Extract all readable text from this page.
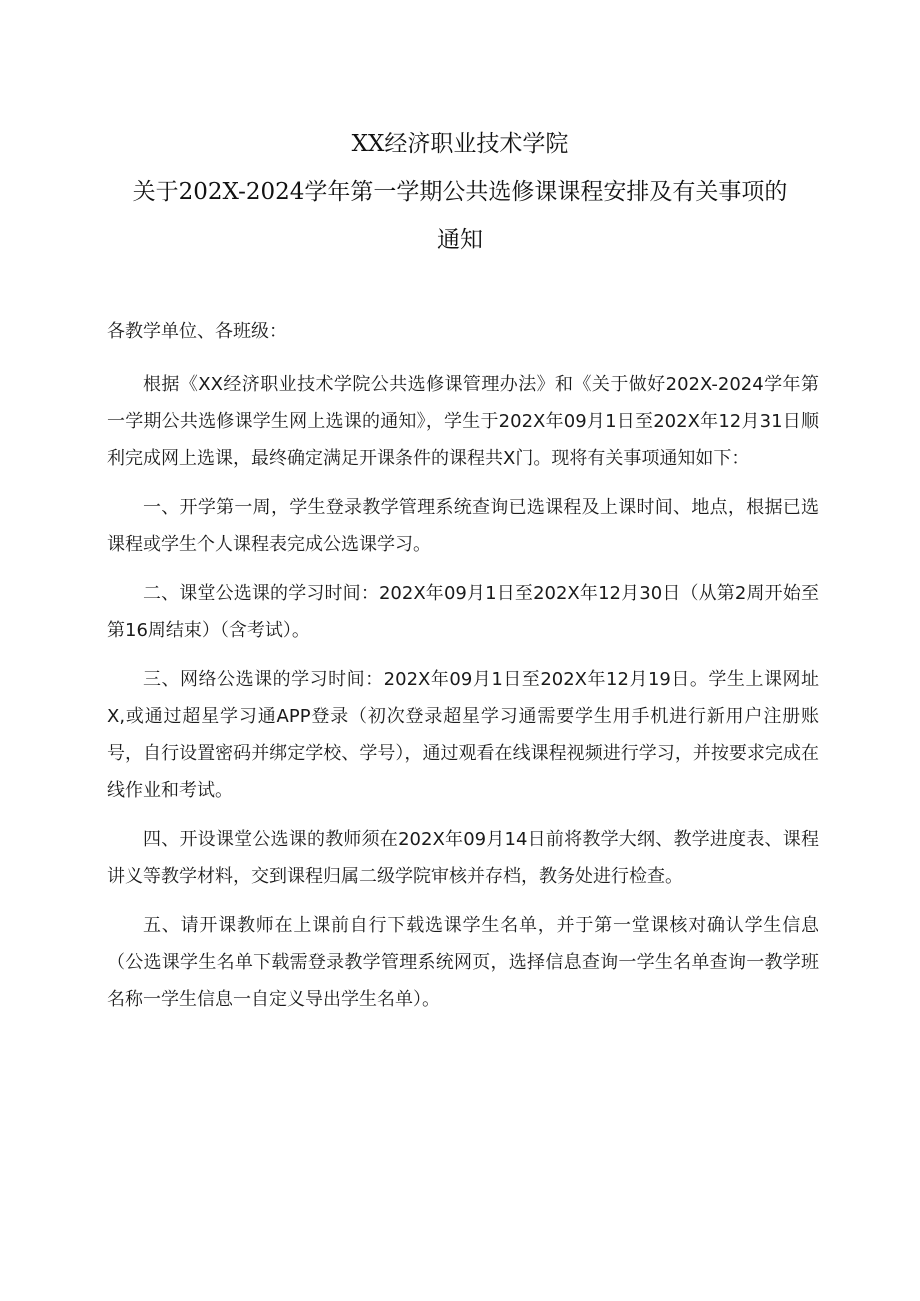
XX经济职业技术学院
关于202X-2024学年第一学期公共选修课课程安排及有关事项的
通知
各教学单位、各班级：

根据《XX经济职业技术学院公共选修课管理办法》和《关于做好202X-2024学年第一学期公共选修课学生网上选课的通知》，学生于202X年09月1日至202X年12月31日顺利完成网上选课，最终确定满足开课条件的课程共X门。现将有关事项通知如下：

一、开学第一周，学生登录教学管理系统查询已选课程及上课时间、地点，根据已选课程或学生个人课程表完成公选课学习。

二、课堂公选课的学习时间：202X年09月1日至202X年12月30日（从第2周开始至第16周结束）（含考试）。

三、网络公选课的学习时间：202X年09月1日至202X年12月19日。学生上课网址X,或通过超星学习通APP登录（初次登录超星学习通需要学生用手机进行新用户注册账号，自行设置密码并绑定学校、学号），通过观看在线课程视频进行学习，并按要求完成在线作业和考试。

四、开设课堂公选课的教师须在202X年09月14日前将教学大纲、教学进度表、课程讲义等教学材料，交到课程归属二级学院审核并存档，教务处进行检查。

五、请开课教师在上课前自行下载选课学生名单，并于第一堂课核对确认学生信息（公选课学生名单下载需登录教学管理系统网页，选择信息查询一学生名单查询一教学班名称一学生信息一自定义导出学生名单）。
